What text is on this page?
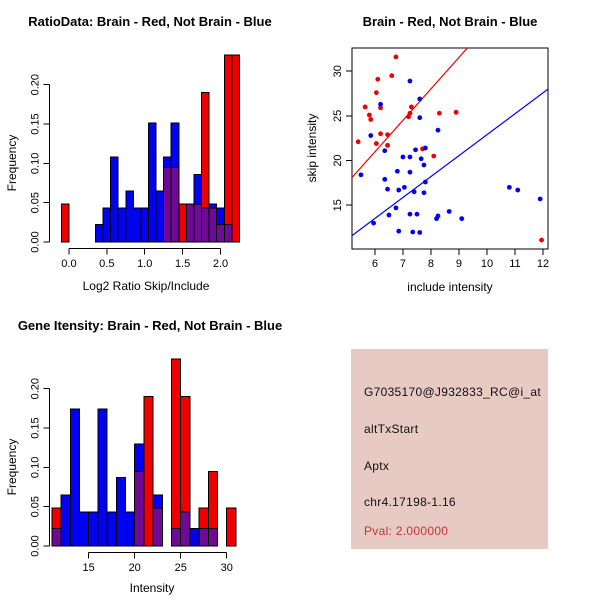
RatioData: Brain - Red, Not Brain - Blue
Frequency
Log2 Ratio Skip/Include
0.0 0.5 1.0 1.5 2.0
0.00
0.05
0.10
0.15
0.20
Brain - Red, Not Brain - Blue
skip intensity
include intensity
6 7 8 9 10 11 12
15
20
25
30
Gene Itensity: Brain - Red, Not Brain - Blue
Frequency
Intensity
15	20	25	30
0.00
0.05
0.10
0.15
0.20	G7035170@J932833_RC@i_at
altTxStart
Aptx
chr4.17198-1.16
Pval: 2.000000
